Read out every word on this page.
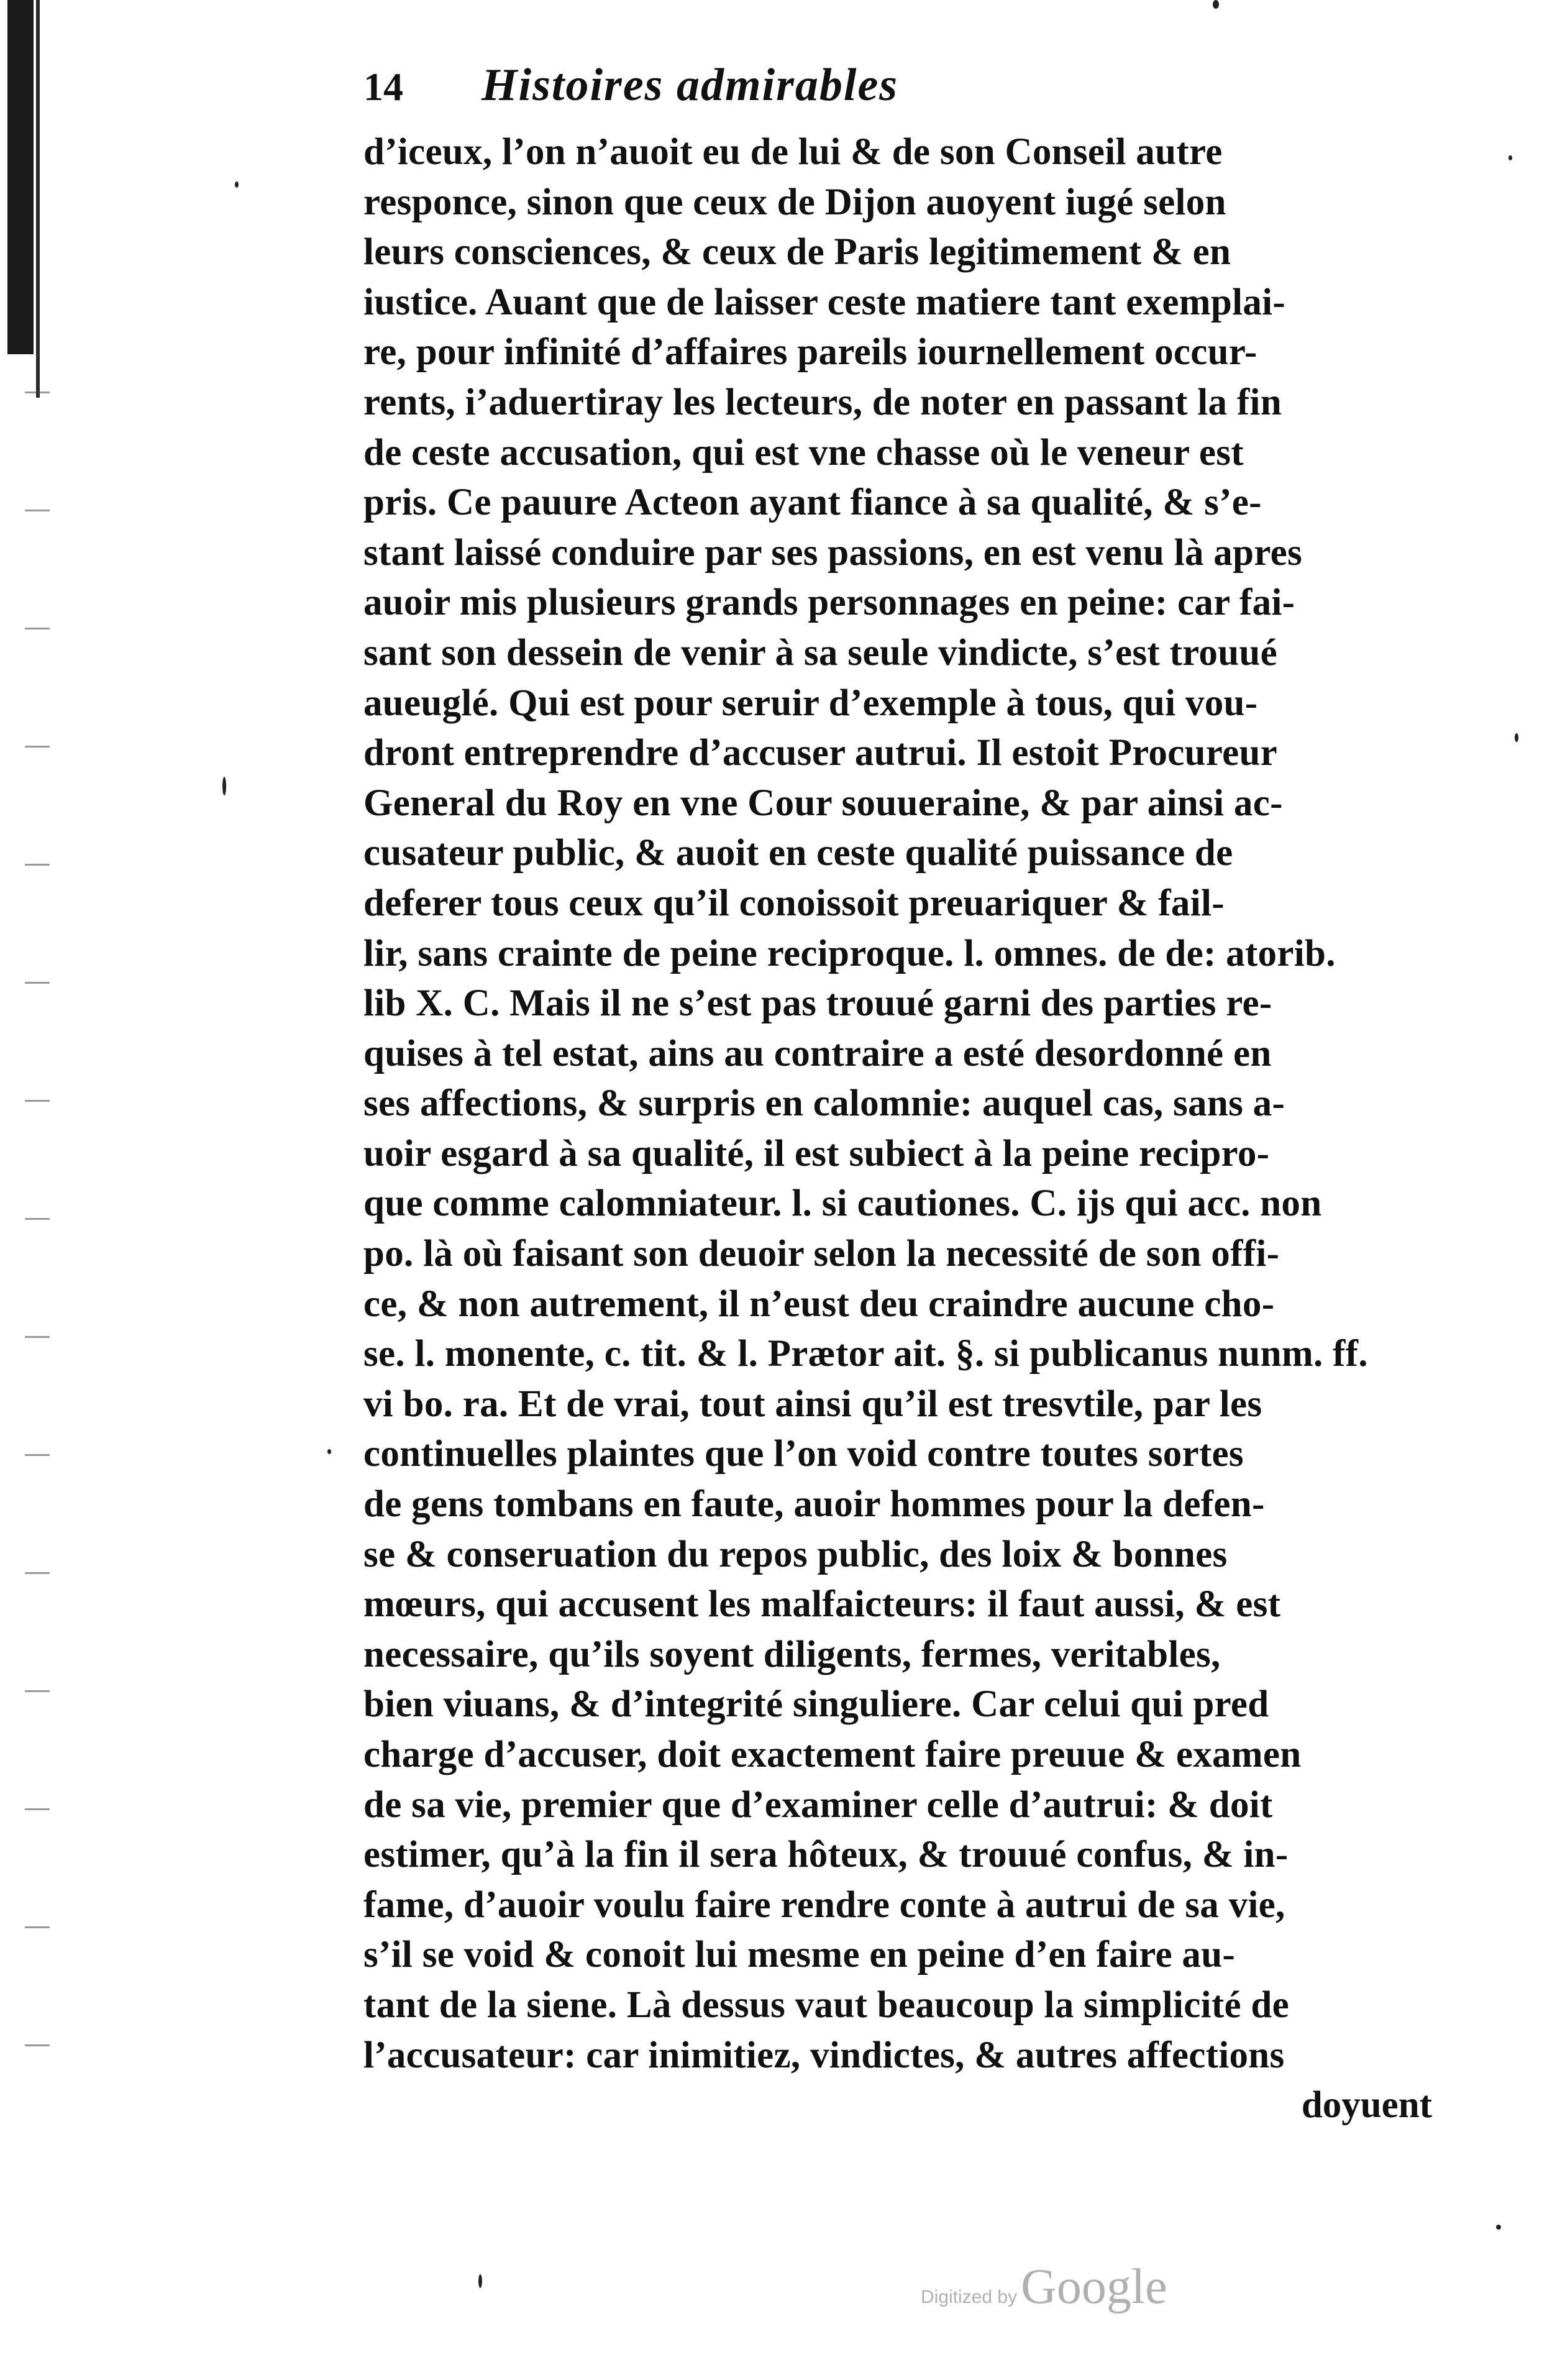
14	Histoires admirables
d’iceux, l’on n’auoit eu de lui & de son Conseil autre
responce, sinon que ceux de Dijon auoyent iugé selon
leurs consciences, & ceux de Paris legitimement & en
iustice. Auant que de laisser ceste matiere tant exemplai-
re, pour infinité d’affaires pareils iournellement occur-
rents, i’aduertiray les lecteurs, de noter en passant la fin
de ceste accusation, qui est vne chasse où le veneur est
pris. Ce pauure Acteon ayant fiance à sa qualité, & s’e-
stant laissé conduire par ses passions, en est venu là apres
auoir mis plusieurs grands personnages en peine: car fai-
sant son dessein de venir à sa seule vindicte, s’est trouué
aueuglé. Qui est pour seruir d’exemple à tous, qui vou-
dront entreprendre d’accuser autrui. Il estoit Procureur
General du Roy en vne Cour souueraine, & par ainsi ac-
cusateur public, & auoit en ceste qualité puissance de
deferer tous ceux qu’il conoissoit preuariquer & fail-
lir, sans crainte de peine reciproque. l. omnes. de de: atorib.
lib X. C. Mais il ne s’est pas trouué garni des parties re-
quises à tel estat, ains au contraire a esté desordonné en
ses affections, & surpris en calomnie: auquel cas, sans a-
uoir esgard à sa qualité, il est subiect à la peine recipro-
que comme calomniateur. l. si cautiones. C. ijs qui acc. non
po. là où faisant son deuoir selon la necessité de son offi-
ce, & non autrement, il n’eust deu craindre aucune cho-
se. l. monente, c. tit. & l. Prætor ait. §. si publicanus nunm. ff.
vi bo. ra. Et de vrai, tout ainsi qu’il est tresvtile, par les
continuelles plaintes que l’on void contre toutes sortes
de gens tombans en faute, auoir hommes pour la defen-
se & conseruation du repos public, des loix & bonnes
mœurs, qui accusent les malfaicteurs: il faut aussi, & est
necessaire, qu’ils soyent diligents, fermes, veritables,
bien viuans, & d’integrité singuliere. Car celui qui pred
charge d’accuser, doit exactement faire preuue & examen
de sa vie, premier que d’examiner celle d’autrui: & doit
estimer, qu’à la fin il sera hôteux, & trouué confus, & in-
fame, d’auoir voulu faire rendre conte à autrui de sa vie,
s’il se void & conoit lui mesme en peine d’en faire au-
tant de la siene. Là dessus vaut beaucoup la simplicité de
l’accusateur: car inimitiez, vindictes, & autres affections
doyuent
Digitized by Google
